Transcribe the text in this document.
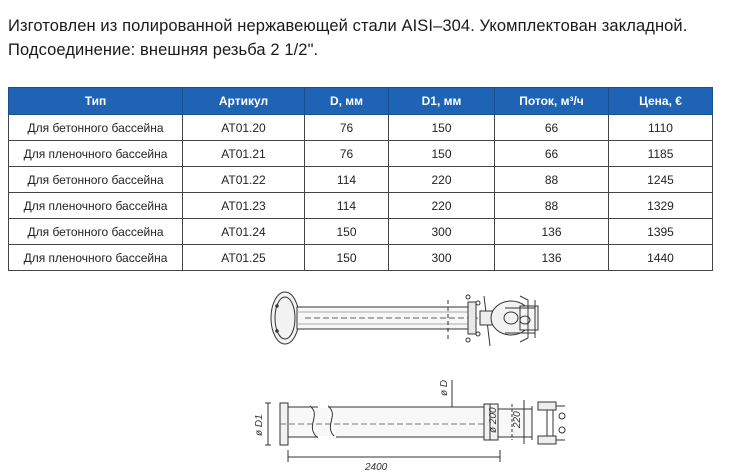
Изготовлен из полированной нержавеющей стали AISI–304. Укомплектован закладной.
Подсоединение: внешняя резьба 2 1/2".
Тип	Артикул	D, мм	D1, мм	Поток, м³/ч	Цена, €
Для бетонного бассейна	AT01.20	76	150	66	1110
Для пленочного бассейна	AT01.21	76	150	66	1185
Для бетонного бассейна	AT01.22	114	220	88	1245
Для пленочного бассейна	AT01.23	114	220	88	1329
Для бетонного бассейна	AT01.24	150	300	136	1395
Для пленочного бассейна	AT01.25	150	300	136	1440
ø D1
ø D
ø 200 220
2400
